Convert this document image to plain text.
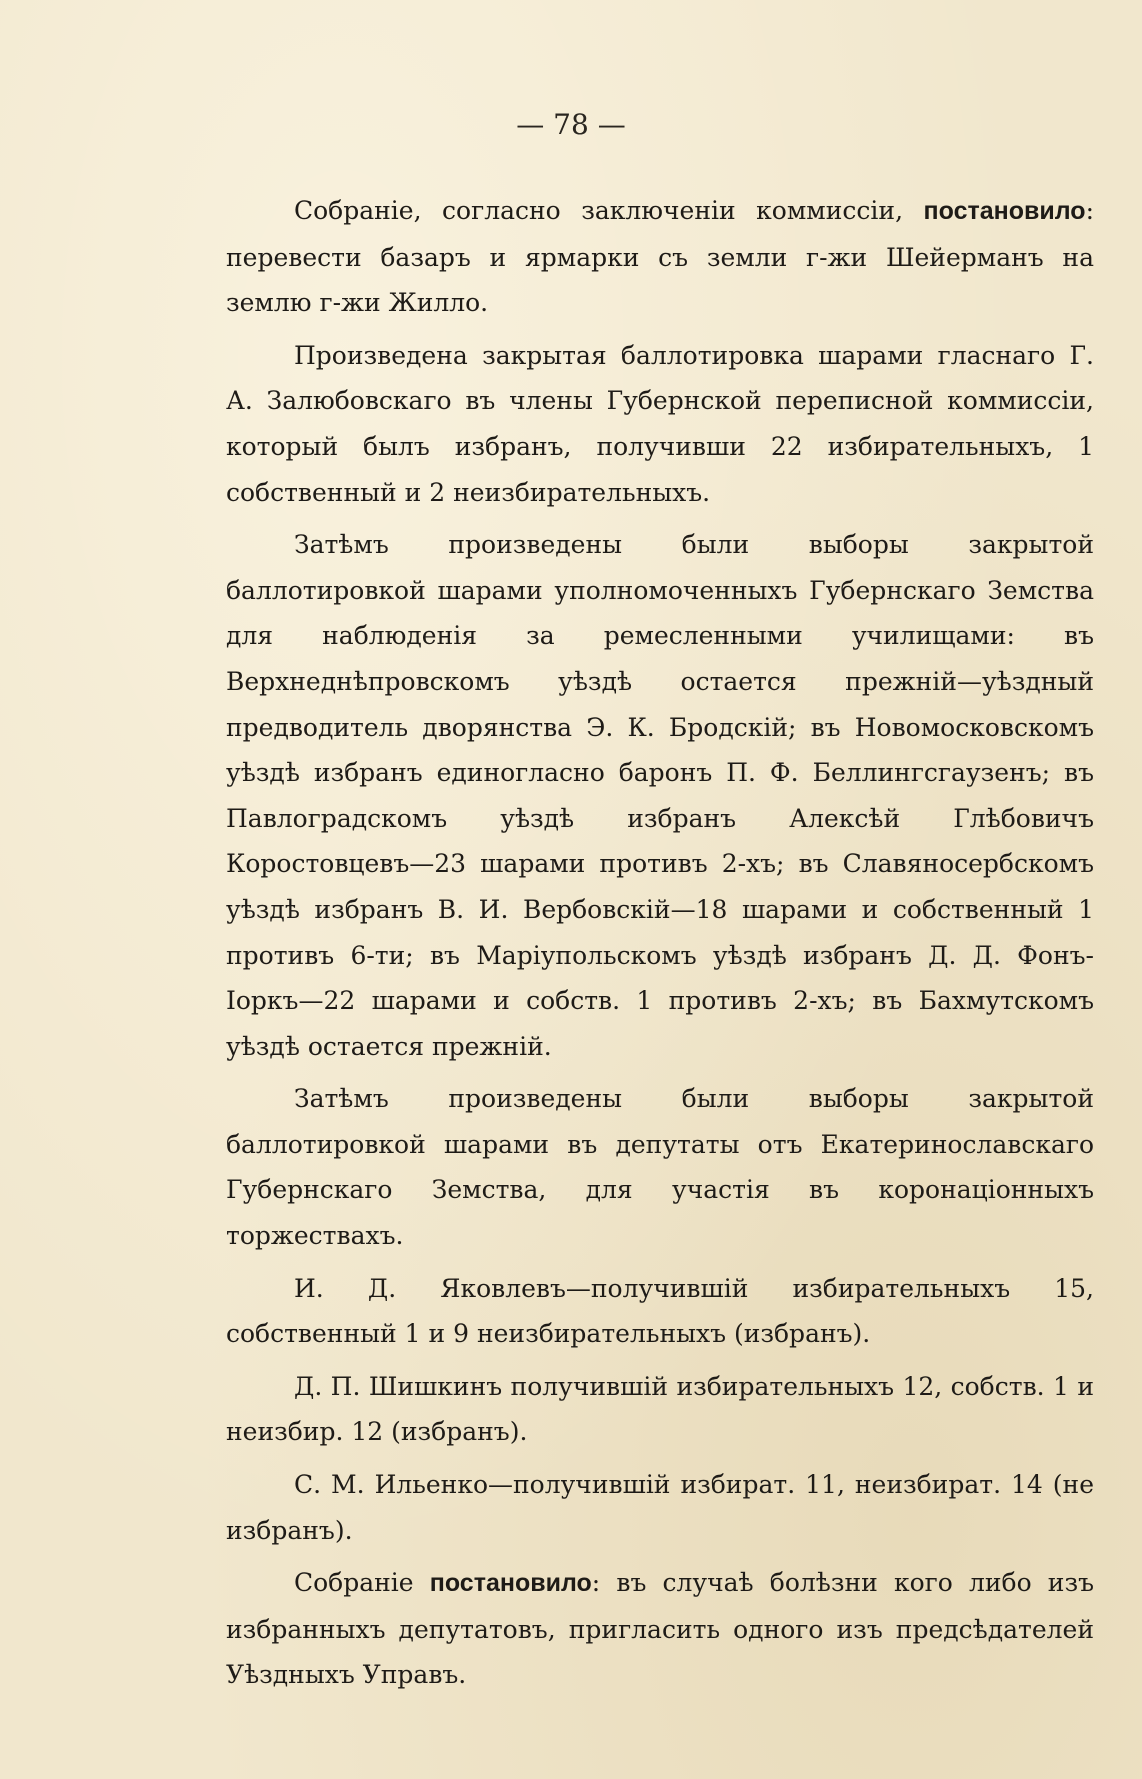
— 78 —

Собраніе, согласно заключеніи коммиссіи, постановило: перевести базаръ и ярмарки съ земли г-жи Шейерманъ на землю г-жи Жилло.

Произведена закрытая баллотировка шарами гласнаго Г. А. Залюбовскаго въ члены Губернской переписной коммиссіи, который былъ избранъ, получивши 22 избирательныхъ, 1 собственный и 2 неизбирательныхъ.

Затѣмъ произведены были выборы закрытой баллотировкой шарами уполномоченныхъ Губернскаго Земства для наблюденія за ремесленными училищами: въ Верхнеднѣпровскомъ уѣздѣ остается прежній—уѣздный предводитель дворянства Э. К. Бродскій; въ Новомосковскомъ уѣздѣ избранъ единогласно баронъ П. Ф. Беллингсгаузенъ; въ Павлоградскомъ уѣздѣ избранъ Алексѣй Глѣбовичъ Коростовцевъ—23 шарами противъ 2-хъ; въ Славяносербскомъ уѣздѣ избранъ В. И. Вербовскій—18 шарами и собственный 1 противъ 6-ти; въ Маріупольскомъ уѣздѣ избранъ Д. Д. Фонъ-Іоркъ—22 шарами и собств. 1 противъ 2-хъ; въ Бахмутскомъ уѣздѣ остается прежній.

Затѣмъ произведены были выборы закрытой баллотировкой шарами въ депутаты отъ Екатеринославскаго Губернскаго Земства, для участія въ коронаціонныхъ торжествахъ.

И. Д. Яковлевъ—получившій избирательныхъ 15, собственный 1 и 9 неизбирательныхъ (избранъ).

Д. П. Шишкинъ получившій избирательныхъ 12, собств. 1 и неизбир. 12 (избранъ).

С. М. Ильенко—получившій избират. 11, неизбират. 14 (не избранъ).

Собраніе постановило: въ случаѣ болѣзни кого либо изъ избранныхъ депутатовъ, пригласить одного изъ предсѣдателей Уѣздныхъ Управъ.
